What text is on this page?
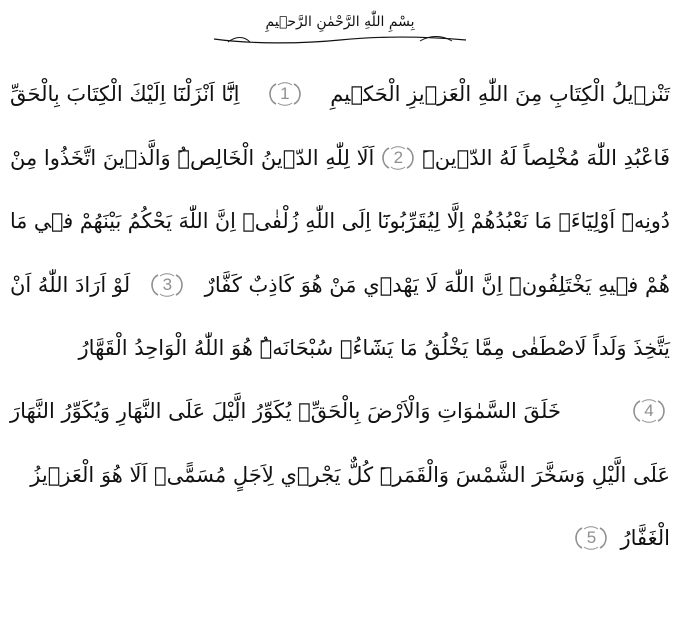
بِسْمِ اللّٰهِ الرَّحْمٰنِ الرَّح۪يمِ
تَنْز۪يلُ الْكِتَابِ مِنَ اللّٰهِ الْعَز۪يزِ الْحَك۪يمِ
1
اِنَّٓا اَنْزَلْنَٓا اِلَيْكَ الْكِتَابَ بِالْحَقِّ
فَاعْبُدِ اللّٰهَ مُخْلِصاً لَهُ الدّ۪ينَۜ
2
اَلَا لِلّٰهِ الدّ۪ينُ الْخَالِصُۜ وَالَّذ۪ينَ اتَّخَذُوا مِنْ
دُونِه۪ٓ اَوْلِيَٓاءَۢ مَا نَعْبُدُهُمْ اِلَّا لِيُقَرِّبُونَٓا اِلَى اللّٰهِ زُلْفٰىۜ اِنَّ اللّٰهَ يَحْكُمُ بَيْنَهُمْ ف۪ي مَا
هُمْ ف۪يهِ يَخْتَلِفُونَۜ اِنَّ اللّٰهَ لَا يَهْد۪ي مَنْ هُوَ كَاذِبٌ كَفَّارٌ
3
لَوْ اَرَادَ اللّٰهُ اَنْ
يَتَّخِذَ وَلَداً لَاصْطَفٰى مِمَّا يَخْلُقُ مَا يَشَٓاءُۙ سُبْحَانَهُۜ هُوَ اللّٰهُ الْوَاحِدُ الْقَهَّارُ
4
خَلَقَ السَّمٰوَاتِ وَالْاَرْضَ بِالْحَقِّۚ يُكَوِّرُ الَّيْلَ عَلَى النَّهَارِ وَيُكَوِّرُ النَّهَارَ
عَلَى الَّيْلِ وَسَخَّرَ الشَّمْسَ وَالْقَمَرَۜ كُلٌّ يَجْر۪ي لِاَجَلٍ مُسَمًّىۜ اَلَا هُوَ الْعَز۪يزُ
الْغَفَّارُ
5
